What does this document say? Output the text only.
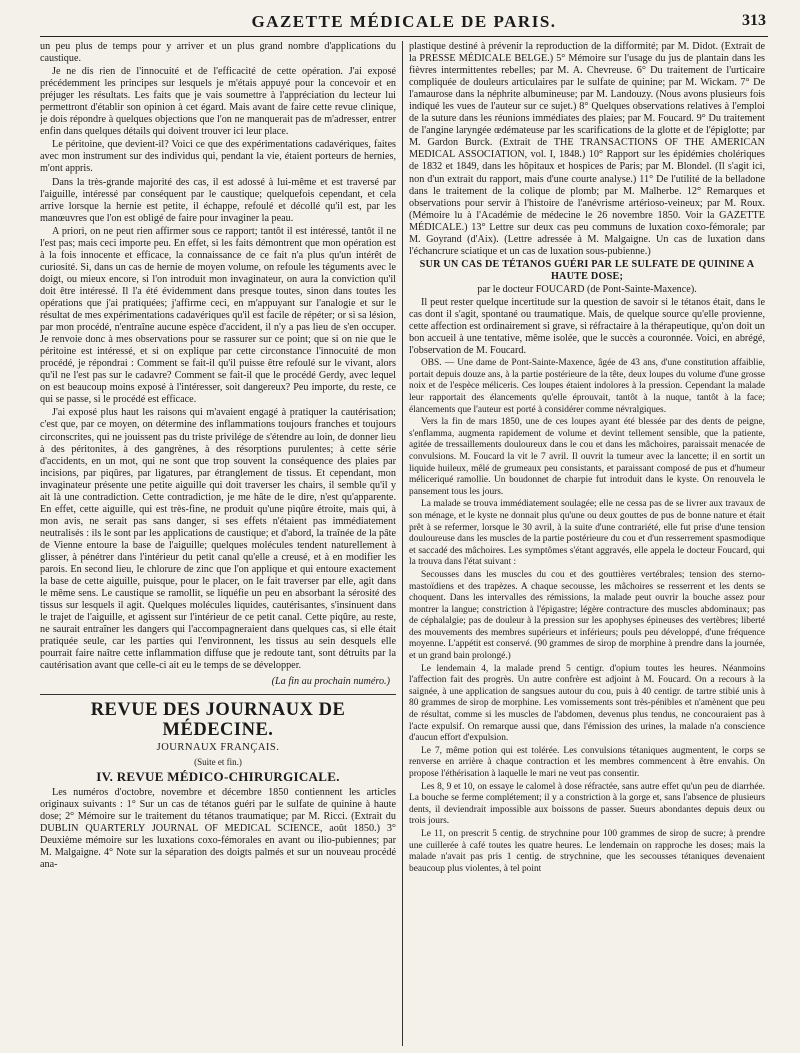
GAZETTE MÉDICALE DE PARIS.	313

un peu plus de temps pour y arriver et un plus grand nombre d'applications du caustique.

Je ne dis rien de l'innocuité et de l'efficacité de cette opération. J'ai exposé précédemment les principes sur lesquels je m'étais appuyé pour la concevoir et en préjuger les résultats. Les faits que je vais soumettre à l'appréciation du lecteur lui permettront d'établir son opinion à cet égard. Mais avant de faire cette revue clinique, je dois répondre à quelques objections que l'on ne manquerait pas de m'adresser, entrer enfin dans quelques détails qui doivent trouver ici leur place.

Le péritoine, que devient-il? Voici ce que des expérimentations cadavériques, faites avec mon instrument sur des individus qui, pendant la vie, étaient porteurs de hernies, m'ont appris.

Dans la très-grande majorité des cas, il est adossé à lui-même et est traversé par l'aiguille, intéressé par conséquent par le caustique; quelquefois cependant, et cela arrive lorsque la hernie est petite, il échappe, refoulé et décollé qu'il est, par les manœuvres que l'on est obligé de faire pour invaginer la peau.

A priori, on ne peut rien affirmer sous ce rapport; tantôt il est intéressé, tantôt il ne l'est pas; mais ceci importe peu. En effet, si les faits démontrent que mon opération est à la fois innocente et efficace, la connaissance de ce fait n'a plus qu'un intérêt de curiosité. Si, dans un cas de hernie de moyen volume, on refoule les téguments avec le doigt, ou mieux encore, si l'on introduit mon invaginateur, on aura la conviction qu'il doit être intéressé. Il l'a été évidemment dans presque toutes, sinon dans toutes les opérations que j'ai pratiquées; j'affirme ceci, en m'appuyant sur l'analogie et sur le résultat de mes expérimentations cadavériques qu'il est facile de répéter; or si sa lésion, par mon procédé, n'entraîne aucune espèce d'accident, il n'y a pas lieu de s'en occuper. Je renvoie donc à mes observations pour se rassurer sur ce point; que si on nie que le péritoine est intéressé, et si on explique par cette circonstance l'innocuité de mon procédé, je répondrai : Comment se fait-il qu'il puisse être refoulé sur le vivant, alors qu'il ne l'est pas sur le cadavre? Comment se fait-il que le procédé Gerdy, avec lequel on est beaucoup moins exposé à l'intéresser, soit dangereux? Peu importe, du reste, ce qui se passe, si le procédé est efficace.

J'ai exposé plus haut les raisons qui m'avaient engagé à pratiquer la cautérisation; c'est que, par ce moyen, on détermine des inflammations toujours franches et toujours circonscrites, qui ne jouissent pas du triste privilége de s'étendre au loin, de donner lieu à des péritonites, à des gangrènes, à des résorptions purulentes; à cette série d'accidents, en un mot, qui ne sont que trop souvent la conséquence des plaies par incisions, par piqûres, par ligatures, par étranglement de tissus. Et cependant, mon invaginateur présente une petite aiguille qui doit traverser les chairs, il semble qu'il y ait là une contradiction. Cette contradiction, je me hâte de le dire, n'est qu'apparente. En effet, cette aiguille, qui est très-fine, ne produit qu'une piqûre étroite, mais qui, à mon avis, ne serait pas sans danger, si ses effets n'étaient pas immédiatement neutralisés : ils le sont par les applications de caustique; et d'abord, la traînée de la pâte de Vienne entoure la base de l'aiguille; quelques molécules tendent naturellement à glisser, à pénétrer dans l'intérieur du petit canal qu'elle a creusé, et à en modifier les parois. En second lieu, le chlorure de zinc que l'on applique et qui entoure exactement la base de cette aiguille, puisque, pour le placer, on le fait traverser par elle, agit dans le même sens. Le caustique se ramollit, se liquéfie un peu en absorbant la sérosité des tissus sur lesquels il agit. Quelques molécules liquides, cautérisantes, s'insinuent dans le trajet de l'aiguille, et agissent sur l'intérieur de ce petit canal. Cette piqûre, au reste, ne saurait entraîner les dangers qui l'accompagneraient dans quelques cas, si elle était pratiquée seule, car les parties qui l'environnent, les tissus au sein desquels elle pourrait faire naître cette inflammation diffuse que je redoute tant, sont détruits par la cautérisation avant que celle-ci ait eu le temps de se développer.

(La fin au prochain numéro.)

REVUE DES JOURNAUX DE MÉDECINE.
JOURNAUX FRANÇAIS.
(Suite et fin.)
IV. REVUE MÉDICO-CHIRURGICALE.

Les numéros d'octobre, novembre et décembre 1850 contiennent les articles originaux suivants : 1° Sur un cas de tétanos guéri par le sulfate de quinine à haute dose; 2° Mémoire sur le traitement du tétanos traumatique; par M. Ricci. (Extrait du DUBLIN QUARTERLY JOURNAL OF MEDICAL SCIENCE, août 1850.) 3° Deuxième mémoire sur les luxations coxo-fémorales en avant ou ilio-pubiennes; par M. Malgaigne. 4° Note sur la séparation des doigts palmés et sur un nouveau procédé ana-

plastique destiné à prévenir la reproduction de la difformité; par M. Didot. (Extrait de la PRESSE MÉDICALE BELGE.) 5° Mémoire sur l'usage du jus de plantain dans les fièvres intermittentes rebelles; par M. A. Chevreuse. 6° Du traitement de l'urticaire compliquée de douleurs articulaires par le sulfate de quinine; par M. Wickam. 7° De l'amaurose dans la néphrite albumineuse; par M. Landouzy. (Nous avons plusieurs fois indiqué les vues de l'auteur sur ce sujet.) 8° Quelques observations relatives à l'emploi de la suture dans les réunions immédiates des plaies; par M. Foucard. 9° Du traitement de l'angine laryngée œdémateuse par les scarifications de la glotte et de l'épiglotte; par M. Gardon Burck. (Extrait de THE TRANSACTIONS OF THE AMERICAN MEDICAL ASSOCIATION, vol. I, 1848.) 10° Rapport sur les épidémies cholériques de 1832 et 1849, dans les hôpitaux et hospices de Paris; par M. Blondel. (Il s'agit ici, non d'un extrait du rapport, mais d'une courte analyse.) 11° De l'utilité de la belladone dans le traitement de la colique de plomb; par M. Malherbe. 12° Remarques et observations pour servir à l'histoire de l'anévrisme artérioso-veineux; par M. Roux. (Mémoire lu à l'Académie de médecine le 26 novembre 1850. Voir la GAZETTE MÉDICALE.) 13° Lettre sur deux cas peu communs de luxation coxo-fémorale; par M. Goyrand (d'Aix). (Lettre adressée à M. Malgaigne. Un cas de luxation dans l'échancrure sciatique et un cas de luxation sous-pubienne.)

SUR UN CAS DE TÉTANOS GUÉRI PAR LE SULFATE DE QUININE A HAUTE DOSE;

par le docteur FOUCARD (de Pont-Sainte-Maxence).

Il peut rester quelque incertitude sur la question de savoir si le tétanos était, dans le cas dont il s'agit, spontané ou traumatique. Mais, de quelque source qu'elle provienne, cette affection est ordinairement si grave, si réfractaire à la thérapeutique, qu'on doit un bon accueil à une tentative, même isolée, que le succès a couronnée. Voici, en abrégé, l'observation de M. Foucard.

OBS. — Une dame de Pont-Sainte-Maxence, âgée de 43 ans, d'une constitution affaiblie, portait depuis douze ans, à la partie postérieure de la tête, deux loupes du volume d'une grosse noix et de l'espèce méliceris. Ces loupes étaient indolores à la pression. Cependant la malade leur rapportait des élancements qu'elle éprouvait, tantôt à la nuque, tantôt à la face; élancements que l'auteur est porté à considérer comme névralgiques.

Vers la fin de mars 1850, une de ces loupes ayant été blessée par des dents de peigne, s'enflamma, augmenta rapidement de volume et devint tellement sensible, que la patiente, agitée de tressaillements douloureux dans le cou et dans les mâchoires, paraissait menacée de convulsions. M. Foucard la vit le 7 avril. Il ouvrit la tumeur avec la lancette; il en sortit un liquide huileux, mêlé de grumeaux peu consistants, et paraissant composé de pus et d'humeur méliceriqué ramollie. Un boudonnet de charpie fut introduit dans le kyste. On renouvela le pansement tous les jours.

La malade se trouva immédiatement soulagée; elle ne cessa pas de se livrer aux travaux de son ménage, et le kyste ne donnait plus qu'une ou deux gouttes de pus de bonne nature et était prêt à se refermer, lorsque le 30 avril, à la suite d'une contrariété, elle fut prise d'une tension douloureuse dans les muscles de la partie postérieure du cou et d'un resserrement spasmodique et saccadé des mâchoires. Les symptômes s'étant aggravés, elle appela le docteur Foucard, qui la trouva dans l'état suivant :

Secousses dans les muscles du cou et des gouttières vertébrales; tension des sterno-mastoïdiens et des trapèzes. A chaque secousse, les mâchoires se resserrent et les dents se choquent. Dans les intervalles des rémissions, la malade peut ouvrir la bouche assez pour montrer la langue; constriction à l'épigastre; légère contracture des muscles abdominaux; pas de céphalalgie; pas de douleur à la pression sur les apophyses épineuses des vertèbres; liberté des mouvements des membres supérieurs et inférieurs; pouls peu développé, d'une fréquence moyenne. L'appétit est conservé. (90 grammes de sirop de morphine à prendre dans la journée, et un grand bain prolongé.)

Le lendemain 4, la malade prend 5 centigr. d'opium toutes les heures. Néanmoins l'affection fait des progrès. Un autre confrère est adjoint à M. Foucard. On a recours à la saignée, à une application de sangsues autour du cou, puis à 40 centigr. de tartre stibié unis à 80 grammes de sirop de morphine. Les vomissements sont très-pénibles et n'amènent que peu de résultat, comme si les muscles de l'abdomen, devenus plus tendus, ne concouraient pas à l'acte expulsif. On remarque aussi que, dans l'émission des urines, la malade n'a conscience d'aucun effort d'expulsion.

Le 7, même potion qui est tolérée. Les convulsions tétaniques augmentent, le corps se renverse en arrière à chaque contraction et les membres commencent à être envahis. On propose l'éthérisation à laquelle le mari ne veut pas consentir.

Les 8, 9 et 10, on essaye le calomel à dose réfractée, sans autre effet qu'un peu de diarrhée. La bouche se ferme complétement; il y a constriction à la gorge et, sans l'absence de plusieurs dents, il deviendrait impossible aux boissons de passer. Sueurs abondantes depuis deux ou trois jours.

Le 11, on prescrit 5 centig. de strychnine pour 100 grammes de sirop de sucre; à prendre une cuillerée à café toutes les quatre heures. Le lendemain on rapproche les doses; mais la malade n'avait pas pris 1 centig. de strychnine, que les secousses tétaniques devenaient beaucoup plus violentes, à tel point
